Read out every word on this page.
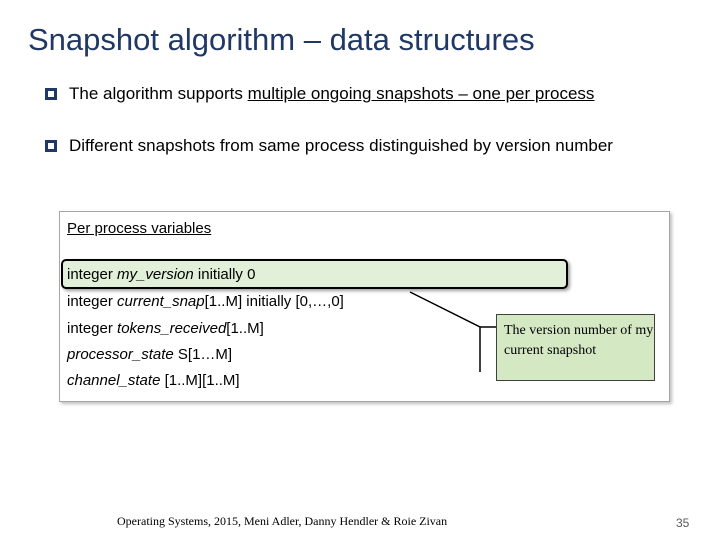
Snapshot algorithm – data structures
The algorithm supports multiple ongoing snapshots – one per process
Different snapshots from same process distinguished by version number
Per process variables
integer my_version initially 0
integer current_snap[1..M] initially [0,…,0]
integer tokens_received[1..M]
processor_state S[1…M]
channel_state [1..M][1..M]
The version number of my current snapshot
Operating Systems, 2015, Meni Adler, Danny Hendler & Roie Zivan	35
